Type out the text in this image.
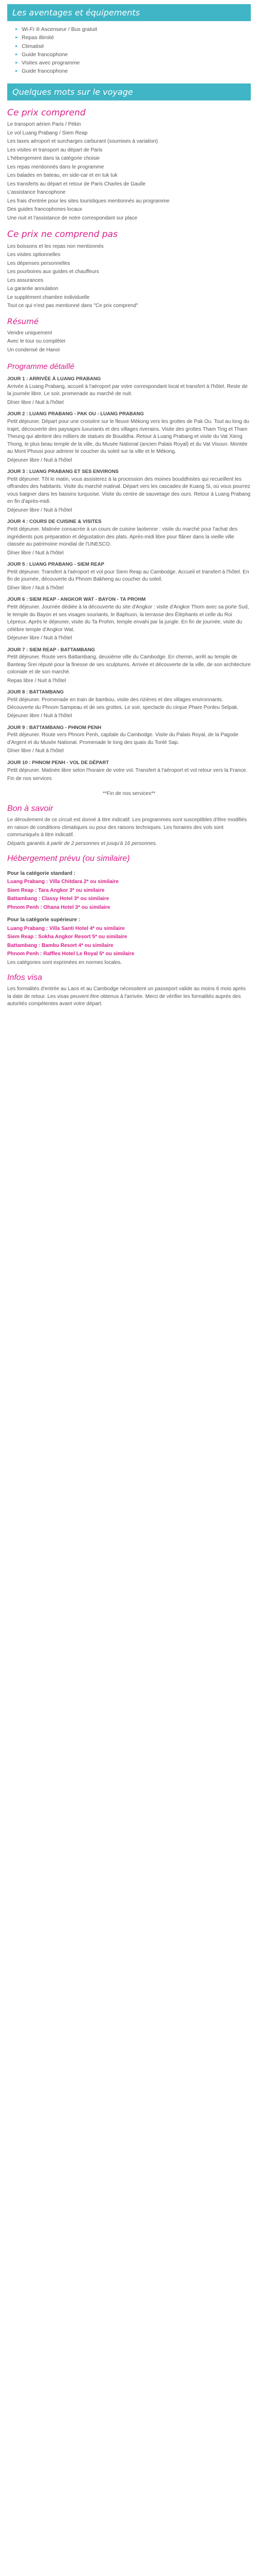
Les aventages et équipements
▸ Wi-Fi ® Ascenseur / Bus gratuit
▸ Repas illimité
▸ Climatisé
▸ Guide francophone
▸ Visites avec programme
▸ Guide francophone
Quelques mots sur le voyage
Ce prix comprend

Le transport aérien Paris / Pékin

Le vol Luang Prabang / Siem Reap

Les taxes aéroport et surcharges carburant (soumises à variation)

Les visites et transport au départ de Paris

L'hébergement dans la catégorie choisie

Les repas mentionnés dans le programme

Les balades en bateau, en side-car et en tuk tuk

Les transferts au départ et retour de Paris Charles de Gaulle

L'assistance francophone

Les frais d'entrée pour les sites touristiques mentionnés au programme

Des guides francophones locaux

Une nuit et l'assistance de notre correspondant sur place

Ce prix ne comprend pas

Les boissons et les repas non mentionnés

Les visites optionnelles

Les dépenses personnelles

Les pourboires aux guides et chauffeurs

Les assurances

La garantie annulation

Le supplément chambre individuelle

Tout ce qui n'est pas mentionné dans "Ce prix comprend"

Résumé

Vendre uniquement

Avec le tour ou compléter

Un condensé de Hanoi

Programme détaillé
JOUR 1 : ARRIVÉE À LUANG PRABANG

Arrivée à Luang Prabang, accueil à l'aéroport par votre correspondant local et transfert à l'hôtel. Reste de la journée libre. Le soir, promenade au marché de nuit.

Dîner libre / Nuit à l'hôtel

JOUR 2 : LUANG PRABANG - PAK OU - LUANG PRABANG

Petit déjeuner. Départ pour une croisière sur le fleuve Mékong vers les grottes de Pak Ou. Tout au long du trajet, découverte des paysages luxuriants et des villages riverains. Visite des grottes Tham Ting et Tham Theung qui abritent des milliers de statues de Bouddha. Retour à Luang Prabang et visite du Vat Xieng Thong, le plus beau temple de la ville, du Musée National (ancien Palais Royal) et du Vat Visoun. Montée au Mont Phousi pour admirer le coucher du soleil sur la ville et le Mékong.

Déjeuner libre / Nuit à l'hôtel

JOUR 3 : LUANG PRABANG ET SES ENVIRONS

Petit déjeuner. Tôt le matin, vous assisterez à la procession des moines bouddhistes qui recueillent les offrandes des habitants. Visite du marché matinal. Départ vers les cascades de Kuang Si, où vous pourrez vous baigner dans les bassins turquoise. Visite du centre de sauvetage des ours. Retour à Luang Prabang en fin d'après-midi.

Déjeuner libre / Nuit à l'hôtel

JOUR 4 : COURS DE CUISINE & VISITES

Petit déjeuner. Matinée consacrée à un cours de cuisine laotienne : visite du marché pour l'achat des ingrédients puis préparation et dégustation des plats. Après-midi libre pour flâner dans la vieille ville classée au patrimoine mondial de l'UNESCO.

Dîner libre / Nuit à l'hôtel

JOUR 5 : LUANG PRABANG - SIEM REAP

Petit déjeuner. Transfert à l'aéroport et vol pour Siem Reap au Cambodge. Accueil et transfert à l'hôtel. En fin de journée, découverte du Phnom Bakheng au coucher du soleil.

Dîner libre / Nuit à l'hôtel

JOUR 6 : SIEM REAP - ANGKOR WAT - BAYON - TA PROHM

Petit déjeuner. Journée dédiée à la découverte du site d'Angkor : visite d'Angkor Thom avec sa porte Sud, le temple du Bayon et ses visages souriants, le Baphuon, la terrasse des Éléphants et celle du Roi Lépreux. Après le déjeuner, visite du Ta Prohm, temple envahi par la jungle. En fin de journée, visite du célèbre temple d'Angkor Wat.

Déjeuner libre / Nuit à l'hôtel

JOUR 7 : SIEM REAP - BATTAMBANG

Petit déjeuner. Route vers Battambang, deuxième ville du Cambodge. En chemin, arrêt au temple de Banteay Srei réputé pour la finesse de ses sculptures. Arrivée et découverte de la ville, de son architecture coloniale et de son marché.

Repas libre / Nuit à l'hôtel

JOUR 8 : BATTAMBANG

Petit déjeuner. Promenade en train de bambou, visite des rizières et des villages environnants. Découverte du Phnom Sampeau et de ses grottes. Le soir, spectacle du cirque Phare Ponleu Selpak.

Déjeuner libre / Nuit à l'hôtel

JOUR 9 : BATTAMBANG - PHNOM PENH

Petit déjeuner. Route vers Phnom Penh, capitale du Cambodge. Visite du Palais Royal, de la Pagode d'Argent et du Musée National. Promenade le long des quais du Tonlé Sap.

Dîner libre / Nuit à l'hôtel

JOUR 10 : PHNOM PENH - VOL DE DÉPART

Petit déjeuner. Matinée libre selon l'horaire de votre vol. Transfert à l'aéroport et vol retour vers la France.

Fin de nos services

**Fin de nos services**
Bon à savoir

Le déroulement de ce circuit est donné à titre indicatif. Les programmes sont susceptibles d'être modifiés en raison de conditions climatiques ou pour des raisons techniques. Les horaires des vols sont communiqués à titre indicatif.

Départs garantis à partir de 2 personnes et jusqu'à 16 personnes.

Hébergement prévu (ou similaire)
Pour la catégorie standard :

Luang Prabang : Villa Chitdara 2* ou similaire

Siem Reap : Tara Angkor 3* ou similaire

Battambang : Classy Hotel 3* ou similaire

Phnom Penh : Ohana Hotel 3* ou similaire

Pour la catégorie supérieure :

Luang Prabang : Villa Santi Hotel 4* ou similaire

Siem Reap : Sokha Angkor Resort 5* ou similaire

Battambang : Bambu Resort 4* ou similaire

Phnom Penh : Raffles Hotel Le Royal 5* ou similaire

Les catégories sont exprimées en normes locales.

Infos visa

Les formalités d'entrée au Laos et au Cambodge nécessitent un passeport valide au moins 6 mois après la date de retour. Les visas peuvent être obtenus à l'arrivée. Merci de vérifier les formalités auprès des autorités compétentes avant votre départ.
